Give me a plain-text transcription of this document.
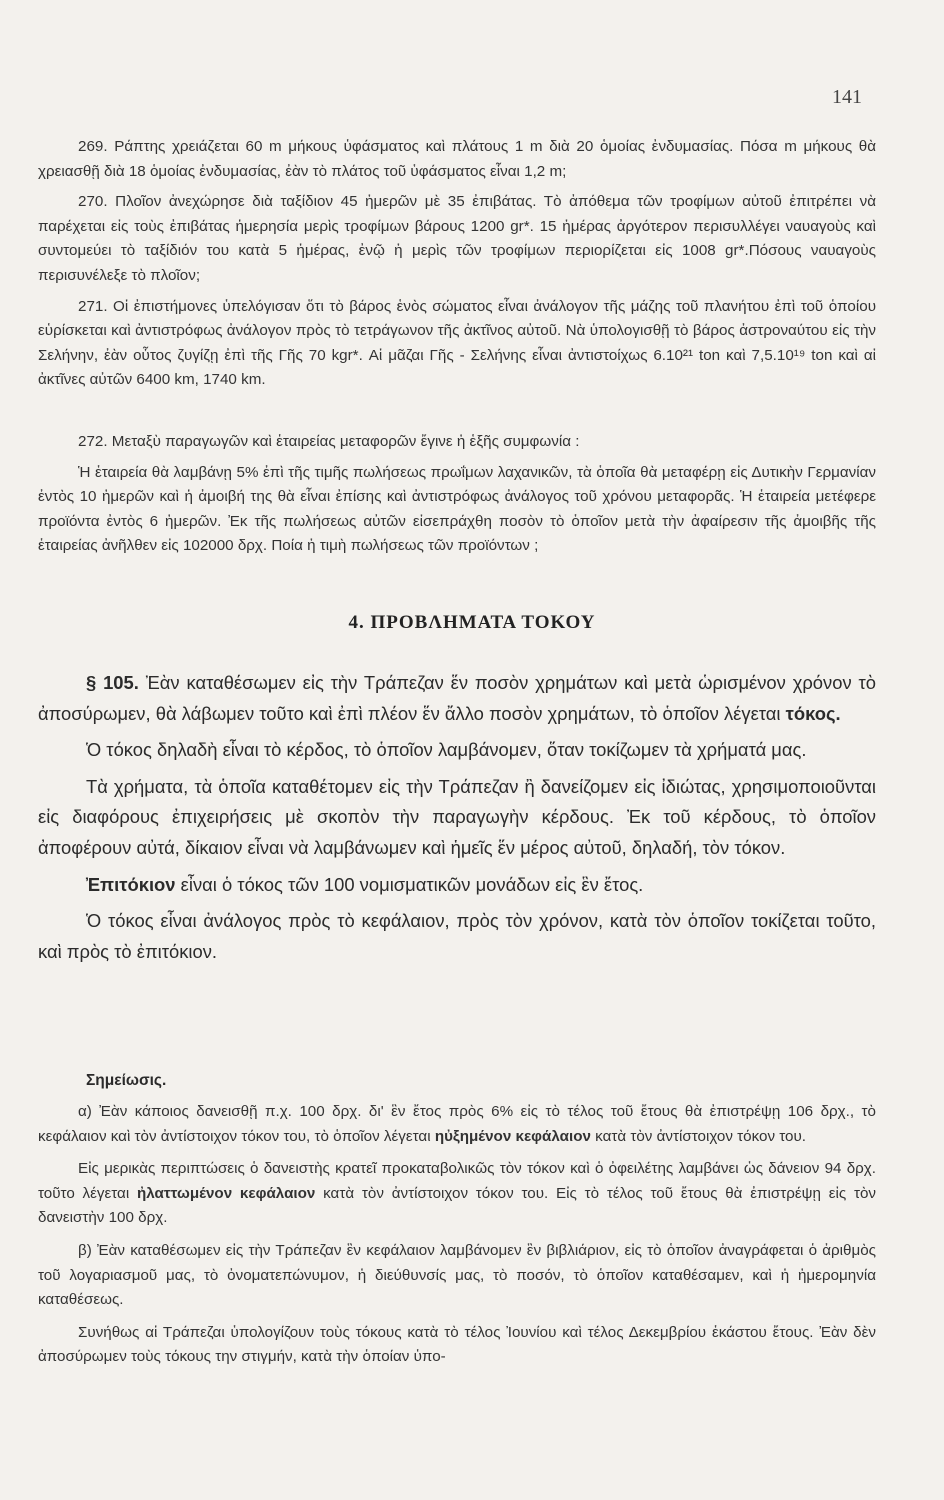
141

269. Ράπτης χρειάζεται 60 m μήκους ὑφάσματος καὶ πλάτους 1 m διὰ 20 ὁμοίας ἐνδυμασίας. Πόσα m μήκους θὰ χρειασθῇ διὰ 18 ὁμοίας ἐνδυμασίας, ἐὰν τὸ πλάτος τοῦ ὑφάσματος εἶναι 1,2 m;

270. Πλοῖον ἀνεχώρησε διὰ ταξίδιον 45 ἡμερῶν μὲ 35 ἐπιβάτας. Τὸ ἀπόθεμα τῶν τροφίμων αὐτοῦ ἐπιτρέπει νὰ παρέχεται εἰς τοὺς ἐπιβάτας ἡμερησία μερὶς τροφίμων βάρους 1200 gr*. 15 ἡμέρας ἀργότερον περισυλλέγει ναυαγοὺς καὶ συντομεύει τὸ ταξίδιόν του κατὰ 5 ἡμέρας, ἐνῷ ἡ μερὶς τῶν τροφίμων περιορίζεται εἰς 1008 gr*.Πόσους ναυαγοὺς περισυνέλεξε τὸ πλοῖον;

271. Οἱ ἐπιστήμονες ὑπελόγισαν ὅτι τὸ βάρος ἑνὸς σώματος εἶναι ἀνάλογον τῆς μάζης τοῦ πλανήτου ἐπὶ τοῦ ὁποίου εὑρίσκεται καὶ ἀντιστρόφως ἀνάλογον πρὸς τὸ τετράγωνον τῆς ἀκτῖνος αὐτοῦ. Νὰ ὑπολογισθῇ τὸ βάρος ἀστροναύτου εἰς τὴν Σελήνην, ἐὰν οὗτος ζυγίζῃ ἐπὶ τῆς Γῆς 70 kgr*. Αἱ μᾶζαι Γῆς - Σελήνης εἶναι ἀντιστοίχως 6.10²¹ ton καὶ 7,5.10¹⁹ ton καὶ αἱ ἀκτῖνες αὐτῶν 6400 km, 1740 km.

272. Μεταξὺ παραγωγῶν καὶ ἑταιρείας μεταφορῶν ἔγινε ἡ ἑξῆς συμφωνία :

Ἡ ἑταιρεία θὰ λαμβάνῃ 5% ἐπὶ τῆς τιμῆς πωλήσεως πρωΐμων λαχανικῶν, τὰ ὁποῖα θὰ μεταφέρῃ εἰς Δυτικὴν Γερμανίαν ἐντὸς 10 ἡμερῶν καὶ ἡ ἀμοιβή της θὰ εἶναι ἐπίσης καὶ ἀντιστρόφως ἀνάλογος τοῦ χρόνου μεταφορᾶς. Ἡ ἑταιρεία μετέφερε προϊόντα ἐντὸς 6 ἡμερῶν. Ἐκ τῆς πωλήσεως αὐτῶν εἰσεπράχθη ποσὸν τὸ ὁποῖον μετὰ τὴν ἀφαίρεσιν τῆς ἀμοιβῆς τῆς ἑταιρείας ἀνῆλθεν εἰς 102000 δρχ. Ποία ἡ τιμὴ πωλήσεως τῶν προϊόντων ;

4. ΠΡΟΒΛΗΜΑΤΑ ΤΟΚΟΥ

§ 105. Ἐὰν καταθέσωμεν εἰς τὴν Τράπεζαν ἕν ποσὸν χρημάτων καὶ μετὰ ὡρισμένον χρόνον τὸ ἀποσύρωμεν, θὰ λάβωμεν τοῦτο καὶ ἐπὶ πλέον ἕν ἄλλο ποσὸν χρημάτων, τὸ ὁποῖον λέγεται τόκος.

Ὁ τόκος δηλαδὴ εἶναι τὸ κέρδος, τὸ ὁποῖον λαμβάνομεν, ὅταν τοκίζωμεν τὰ χρήματά μας.

Τὰ χρήματα, τὰ ὁποῖα καταθέτομεν εἰς τὴν Τράπεζαν ἢ δανείζομεν εἰς ἰδιώτας, χρησιμοποιοῦνται εἰς διαφόρους ἐπιχειρήσεις μὲ σκοπὸν τὴν παραγωγὴν κέρδους. Ἐκ τοῦ κέρδους, τὸ ὁποῖον ἀποφέρουν αὐτά, δίκαιον εἶναι νὰ λαμβάνωμεν καὶ ἡμεῖς ἕν μέρος αὐτοῦ, δηλαδή, τὸν τόκον.

Ἐπιτόκιον εἶναι ὁ τόκος τῶν 100 νομισματικῶν μονάδων εἰς ἓν ἔτος.

Ὁ τόκος εἶναι ἀνάλογος πρὸς τὸ κεφάλαιον, πρὸς τὸν χρόνον, κατὰ τὸν ὁποῖον τοκίζεται τοῦτο, καὶ πρὸς τὸ ἐπιτόκιον.

Σημείωσις.

α) Ἐὰν κάποιος δανεισθῇ π.χ. 100 δρχ. δι' ἓν ἔτος πρὸς 6% εἰς τὸ τέλος τοῦ ἔτους θὰ ἐπιστρέψῃ 106 δρχ., τὸ κεφάλαιον καὶ τὸν ἀντίστοιχον τόκον του, τὸ ὁποῖον λέγεται ηὐξημένον κεφάλαιον κατὰ τὸν ἀντίστοιχον τόκον του.

Εἰς μερικὰς περιπτώσεις ὁ δανειστὴς κρατεῖ προκαταβολικῶς τὸν τόκον καὶ ὁ ὀφειλέτης λαμβάνει ὡς δάνειον 94 δρχ. τοῦτο λέγεται ἠλαττωμένον κεφάλαιον κατὰ τὸν ἀντίστοιχον τόκον του. Εἰς τὸ τέλος τοῦ ἔτους θὰ ἐπιστρέψῃ εἰς τὸν δανειστὴν 100 δρχ.

β) Ἐὰν καταθέσωμεν εἰς τὴν Τράπεζαν ἓν κεφάλαιον λαμβάνομεν ἓν βιβλιάριον, εἰς τὸ ὁποῖον ἀναγράφεται ὁ ἀριθμὸς τοῦ λογαριασμοῦ μας, τὸ ὀνοματεπώνυμον, ἡ διεύθυνσίς μας, τὸ ποσόν, τὸ ὁποῖον καταθέσαμεν, καὶ ἡ ἡμερομηνία καταθέσεως.

Συνήθως αἱ Τράπεζαι ὑπολογίζουν τοὺς τόκους κατὰ τὸ τέλος Ἰουνίου καὶ τέλος Δεκεμβρίου ἑκάστου ἔτους. Ἐὰν δὲν ἀποσύρωμεν τοὺς τόκους την στιγμήν, κατὰ τὴν ὁποίαν ὑπο-
